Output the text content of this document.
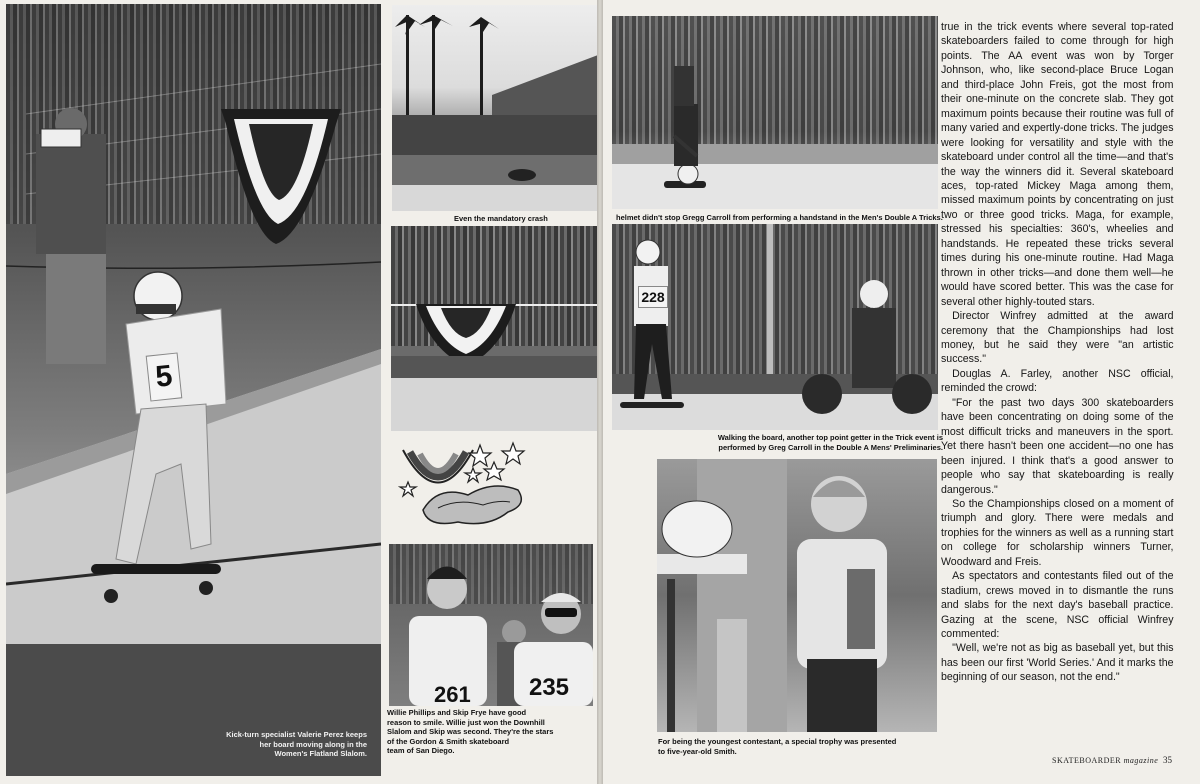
5
Kick-turn specialist Valerie Perez keeps
her board moving along in the
Women's Flatland Slalom.
Even the mandatory crash
261 235
Willie Phillips and Skip Frye have good
reason to smile. Willie just won the Downhill
Slalom and Skip was second. They're the stars
of the Gordon & Smith skateboard
team of San Diego.
helmet didn't stop Gregg Carroll from performing a handstand in the Men's Double A Tricks.
228
Walking the board, another top point getter in the Trick event is
performed by Greg Carroll in the Double A Mens' Preliminaries.
For being the youngest contestant, a special trophy was presented
to five-year-old Smith.

true in the trick events where several top-rated skateboarders failed to come through for high points. The AA event was won by Torger Johnson, who, like second-place Bruce Logan and third-place John Freis, got the most from their one-minute on the concrete slab. They got maximum points because their routine was full of many varied and expertly-done tricks. The judges were looking for versatility and style with the skateboard under control all the time—and that's the way the winners did it. Several skateboard aces, top-rated Mickey Maga among them, missed maximum points by concentrating on just two or three good tricks. Maga, for example, stressed his specialties: 360's, wheelies and handstands. He repeated these tricks several times during his one-minute routine. Had Maga thrown in other tricks—and done them well—he would have scored better. This was the case for several other highly-touted stars.

Director Winfrey admitted at the award ceremony that the Championships had lost money, but he said they were "an artistic success."

Douglas A. Farley, another NSC official, reminded the crowd:

"For the past two days 300 skateboarders have been concentrating on doing some of the most difficult tricks and maneuvers in the sport. Yet there hasn't been one accident—no one has been injured. I think that's a good answer to people who say that skateboarding is really dangerous."

So the Championships closed on a moment of triumph and glory. There were medals and trophies for the winners as well as a running start on college for scholarship winners Turner, Woodward and Freis.

As spectators and contestants filed out of the stadium, crews moved in to dismantle the runs and slabs for the next day's baseball practice. Gazing at the scene, NSC official Winfrey commented:

"Well, we're not as big as baseball yet, but this has been our first 'World Series.' And it marks the beginning of our season, not the end."

SKATEBOARDER magazine 35
